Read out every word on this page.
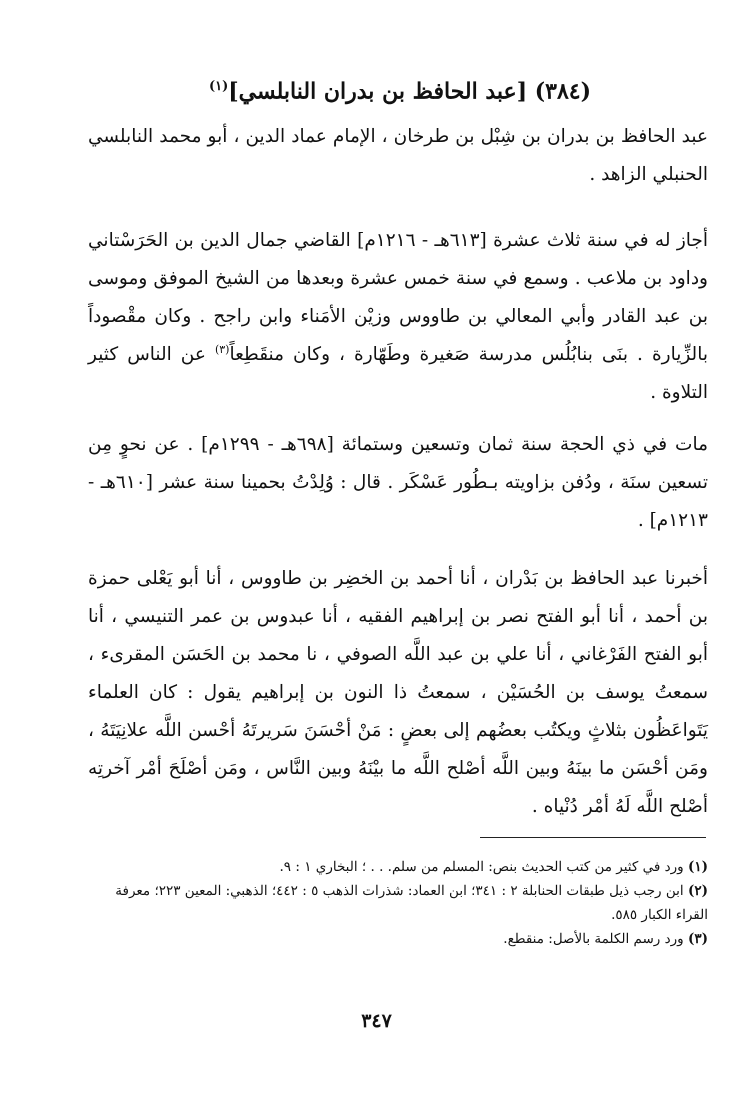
(٣٨٤) [عبد الحافظ بن بدران النابلسي]$^{(١)}$

عبد الحافظ بن بدران بن شِبْل بن طرخان ، الإمام عماد الدين ، أبو محمد النابلسي الحنبلي الزاهد .

أجاز له في سنة ثلاث عشرة [٦١٣هـ - ١٢١٦م] القاضي جمال الدين بن الحَرَسْتاني وداود بن ملاعب . وسمع في سنة خمس عشرة وبعدها من الشيخ الموفق وموسى بن عبد القادر وأبي المعالي بن طاووس وزيْن الأمَناء وابن راجح . وكان مقْصوداً بالزِّيارة . بنَى بنابُلُس مدرسة صَغيرة وطَهّارة ، وكان منقَطِعاً$^{(٣)}$ عن الناس كثير التلاوة .

مات في ذي الحجة سنة ثمان وتسعين وستمائة [٦٩٨هـ - ١٢٩٩م] . عن نحوٍ مِن تسعين سنَة ، ودُفن بزاويته بـطُور عَسْكَر . قال : وُلِدْتُ بحمينا سنة عشر [٦١٠هـ - ١٢١٣م] .

أخبرنا عبد الحافظ بن بَدْران ، أنا أحمد بن الخضِر بن طاووس ، أنا أبو يَعْلى حمزة بن أحمد ، أنا أبو الفتح نصر بن إبراهيم الفقيه ، أنا عبدوس بن عمر التنيسي ، أنا أبو الفتح الفَرْغاني ، أنا علي بن عبد اللَّه الصوفي ، نا محمد بن الحَسَن المقرىء ، سمعتُ يوسف بن الحُسَيْن ، سمعتُ ذا النون بن إبراهيم يقول : كان العلماء يَتَواعَظُون بثلاثٍ ويكتُب بعضُهم إلى بعضٍ : مَنْ أحْسَنَ سَريرتَهُ أحْسن اللَّه علانِيَتَهُ ، ومَن أحْسَن ما بينَهُ وبين اللَّه أصْلح اللَّه ما بيْنَهُ وبين النَّاس ، ومَن أصْلَحَ أمْر آخرتِه أصْلح اللَّه لَهُ أمْر دُنْياه .

(١) ورد في كثير من كتب الحديث بنص: المسلم من سلم. . . ؛ البخاري ١ : ٩.

(٢) ابن رجب ذيل طبقات الحنابلة ٢ : ٣٤١؛ ابن العماد: شذرات الذهب ٥ : ٤٤٢؛ الذهبي: المعين ٢٢٣؛ معرفة القراء الكبار ٥٨٥.

(٣) ورد رسم الكلمة بالأصل: منقطع.

٣٤٧
